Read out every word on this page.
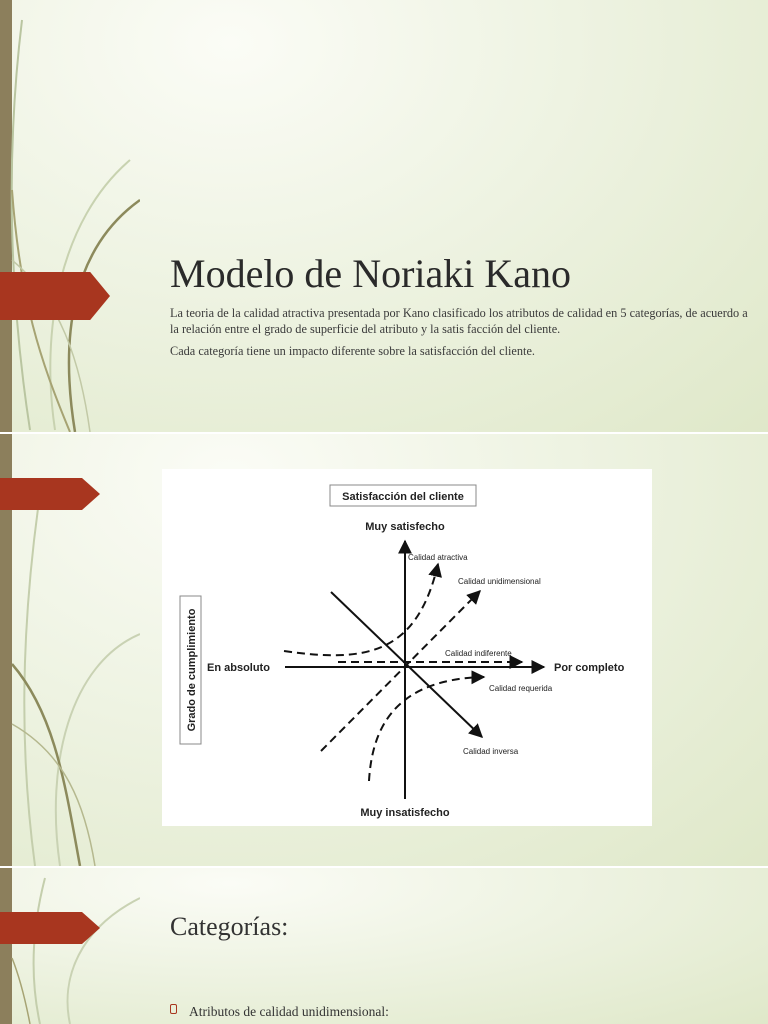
Modelo de Noriaki Kano
La teoria de la calidad atractiva presentada por Kano clasificado los atributos de calidad en 5 categorías, de acuerdo a la relación entre el grado de superficie del atributo y la satis facción del cliente.
Cada categoría tiene un impacto diferente sobre la satisfacción del cliente.
Satisfacción del cliente
Grado de cumplimiento
Muy satisfecho
Muy insatisfecho
En absoluto	Por completo
Calidad atractiva
Calidad unidimensional
Calidad indiferente
Calidad requerida
Calidad inversa
Categorías:
Atributos de calidad unidimensional:
